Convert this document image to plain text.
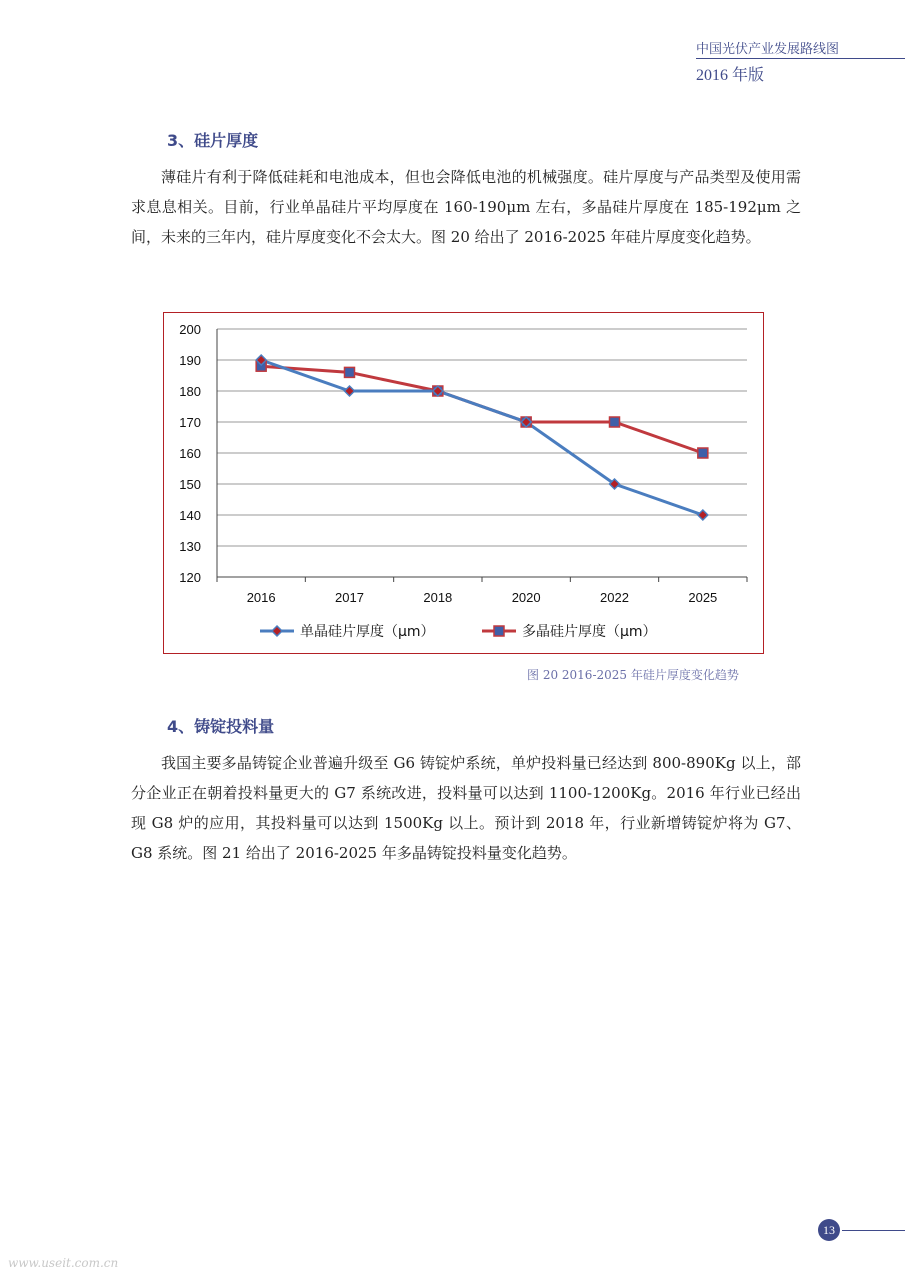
中国光伏产业发展路线图
2016 年版
3、硅片厚度

薄硅片有利于降低硅耗和电池成本，但也会降低电池的机械强度。硅片厚度与产品类型及使用需求息息相关。目前，行业单晶硅片平均厚度在 160-190μm 左右，多晶硅片厚度在 185-192μm 之间，未来的三年内，硅片厚度变化不会太大。图 20 给出了 2016-2025 年硅片厚度变化趋势。

120
130
140
150
160
170
180
190
200
2016	2017	2018	2020	2022	2025
单晶硅片厚度（μm）	多晶硅片厚度（μm）
图 20 2016-2025 年硅片厚度变化趋势
4、铸锭投料量

我国主要多晶铸锭企业普遍升级至 G6 铸锭炉系统，单炉投料量已经达到 800-890Kg 以上，部分企业正在朝着投料量更大的 G7 系统改进，投料量可以达到 1100-1200Kg。2016 年行业已经出现 G8 炉的应用，其投料量可以达到 1500Kg 以上。预计到 2018 年，行业新增铸锭炉将为 G7、G8 系统。图 21 给出了 2016-2025 年多晶铸锭投料量变化趋势。

13
www.useit.com.cn
